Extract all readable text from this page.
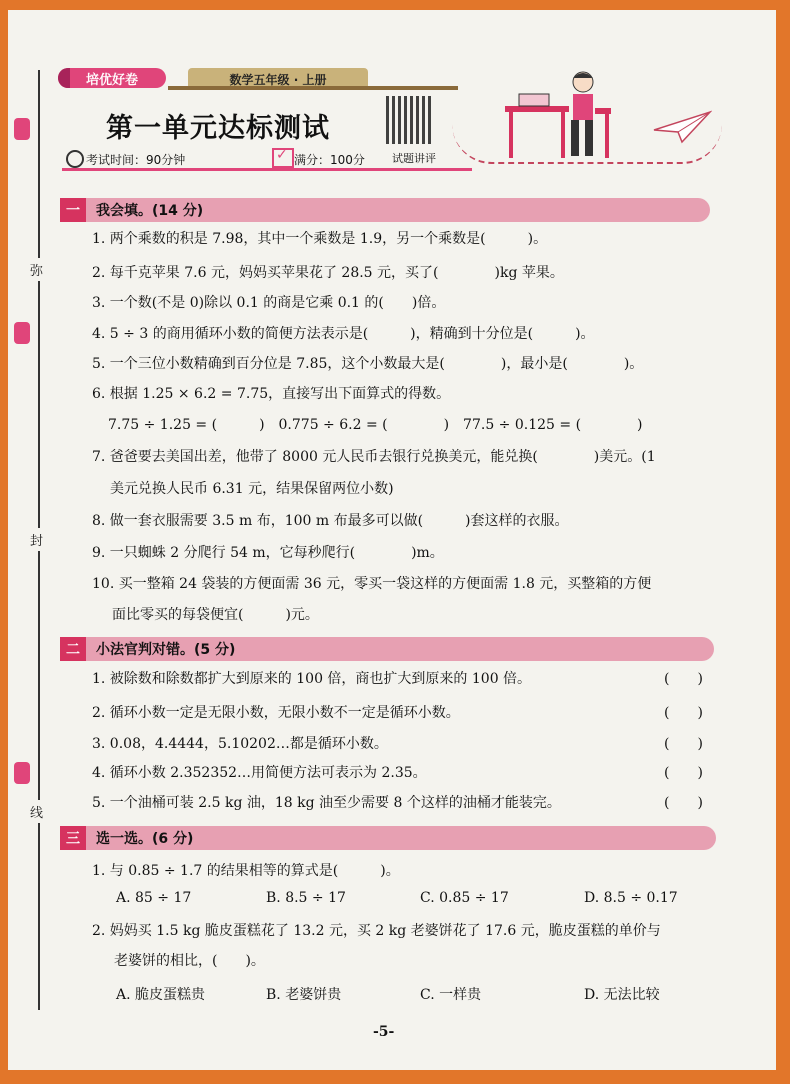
弥
封
线
培优好卷	数学五年级 · 上册
第一单元达标测试
试题讲评
考试时间：90分钟	✓ 满分：100分
一	我会填。(14 分)
1. 两个乘数的积是 7.98，其中一个乘数是 1.9，另一个乘数是(　　　)。
2. 每千克苹果 7.6 元，妈妈买苹果花了 28.5 元，买了(　　　　)kg 苹果。
3. 一个数(不是 0)除以 0.1 的商是它乘 0.1 的(　　)倍。
4. 5 ÷ 3 的商用循环小数的简便方法表示是(　　　)，精确到十分位是(　　　)。
5. 一个三位小数精确到百分位是 7.85，这个小数最大是(　　　　)，最小是(　　　　)。
6. 根据 1.25 × 6.2 = 7.75，直接写出下面算式的得数。
7.75 ÷ 1.25 = (　　　)　0.775 ÷ 6.2 = (　　　　)　77.5 ÷ 0.125 = (　　　　)
7. 爸爸要去美国出差，他带了 8000 元人民币去银行兑换美元，能兑换(　　　　)美元。(1
美元兑换人民币 6.31 元，结果保留两位小数)
8. 做一套衣服需要 3.5 m 布，100 m 布最多可以做(　　　)套这样的衣服。
9. 一只蜘蛛 2 分爬行 54 m，它每秒爬行(　　　　)m。
10. 买一整箱 24 袋装的方便面需 36 元，零买一袋这样的方便面需 1.8 元，买整箱的方便
面比零买的每袋便宜(　　　)元。
二	小法官判对错。(5 分)
1. 被除数和除数都扩大到原来的 100 倍，商也扩大到原来的 100 倍。	(　　)
2. 循环小数一定是无限小数，无限小数不一定是循环小数。	(　　)
3. 0.08，4.4444，5.10202…都是循环小数。	(　　)
4. 循环小数 2.352352…用简便方法可表示为 2.35。	(　　)
5. 一个油桶可装 2.5 kg 油，18 kg 油至少需要 8 个这样的油桶才能装完。	(　　)
三	选一选。(6 分)
1. 与 0.85 ÷ 1.7 的结果相等的算式是(　　　)。
A. 85 ÷ 17	B. 8.5 ÷ 17	C. 0.85 ÷ 17	D. 8.5 ÷ 0.17
2. 妈妈买 1.5 kg 脆皮蛋糕花了 13.2 元，买 2 kg 老婆饼花了 17.6 元，脆皮蛋糕的单价与
老婆饼的相比，(　　)。
A. 脆皮蛋糕贵	B. 老婆饼贵	C. 一样贵	D. 无法比较
-5-
